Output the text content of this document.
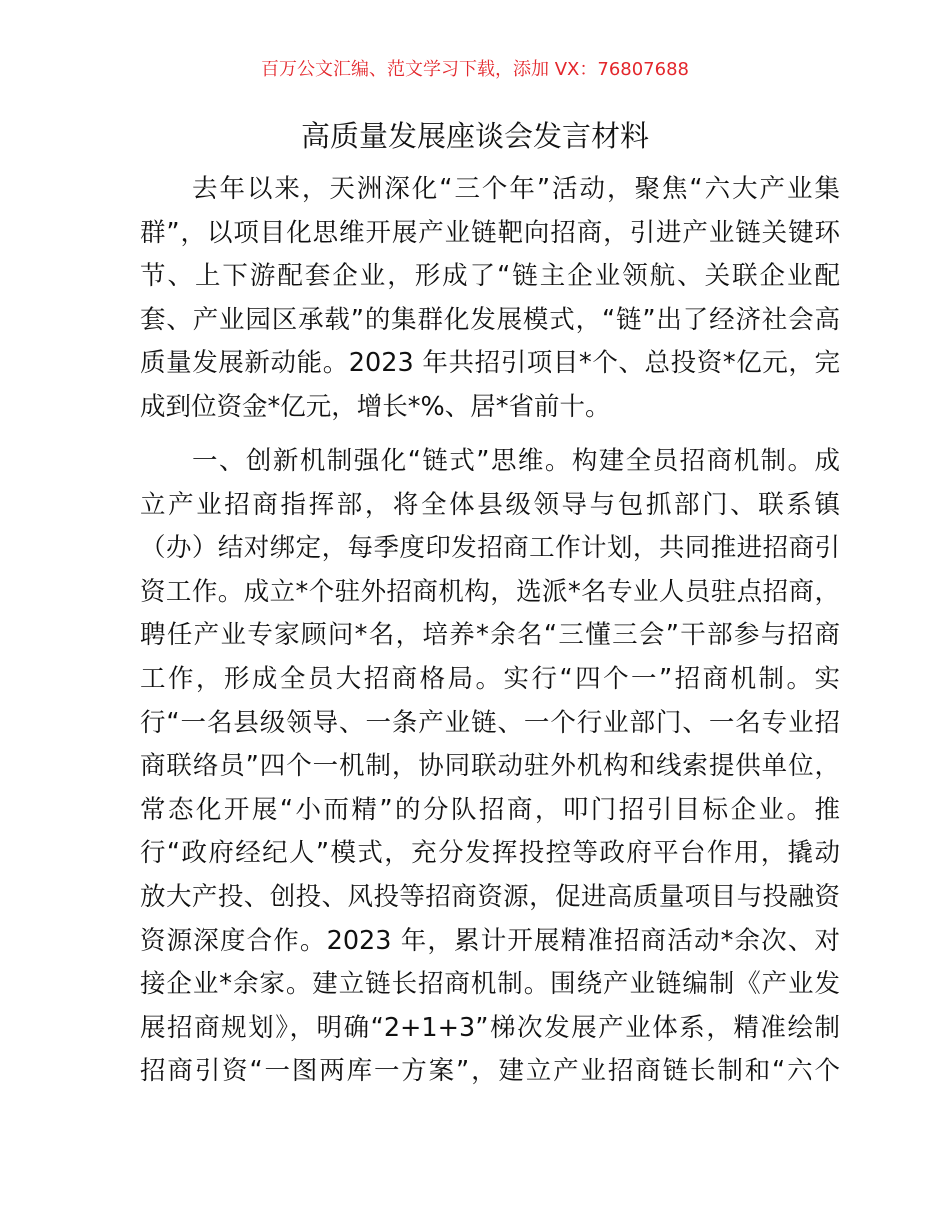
百万公文汇编、范文学习下载，添加 VX：76807688
高质量发展座谈会发言材料
去年以来，天洲深化“三个年”活动，聚焦“六大产业集
群”，以项目化思维开展产业链靶向招商，引进产业链关键环
节、上下游配套企业，形成了“链主企业领航、关联企业配
套、产业园区承载”的集群化发展模式，“链”出了经济社会高
质量发展新动能。2023 年共招引项目*个、总投资*亿元，完
成到位资金*亿元，增长*%、居*省前十。
一、创新机制强化“链式”思维。构建全员招商机制。成
立产业招商指挥部，将全体县级领导与包抓部门、联系镇
（办）结对绑定，每季度印发招商工作计划，共同推进招商引
资工作。成立*个驻外招商机构，选派*名专业人员驻点招商，
聘任产业专家顾问*名，培养*余名“三懂三会”干部参与招商
工作，形成全员大招商格局。实行“四个一”招商机制。实
行“一名县级领导、一条产业链、一个行业部门、一名专业招
商联络员”四个一机制，协同联动驻外机构和线索提供单位，
常态化开展“小而精”的分队招商，叩门招引目标企业。推
行“政府经纪人”模式，充分发挥投控等政府平台作用，撬动
放大产投、创投、风投等招商资源，促进高质量项目与投融资
资源深度合作。2023 年，累计开展精准招商活动*余次、对
接企业*余家。建立链长招商机制。围绕产业链编制《产业发
展招商规划》，明确“2+1+3”梯次发展产业体系，精准绘制
招商引资“一图两库一方案”，建立产业招商链长制和“六个
